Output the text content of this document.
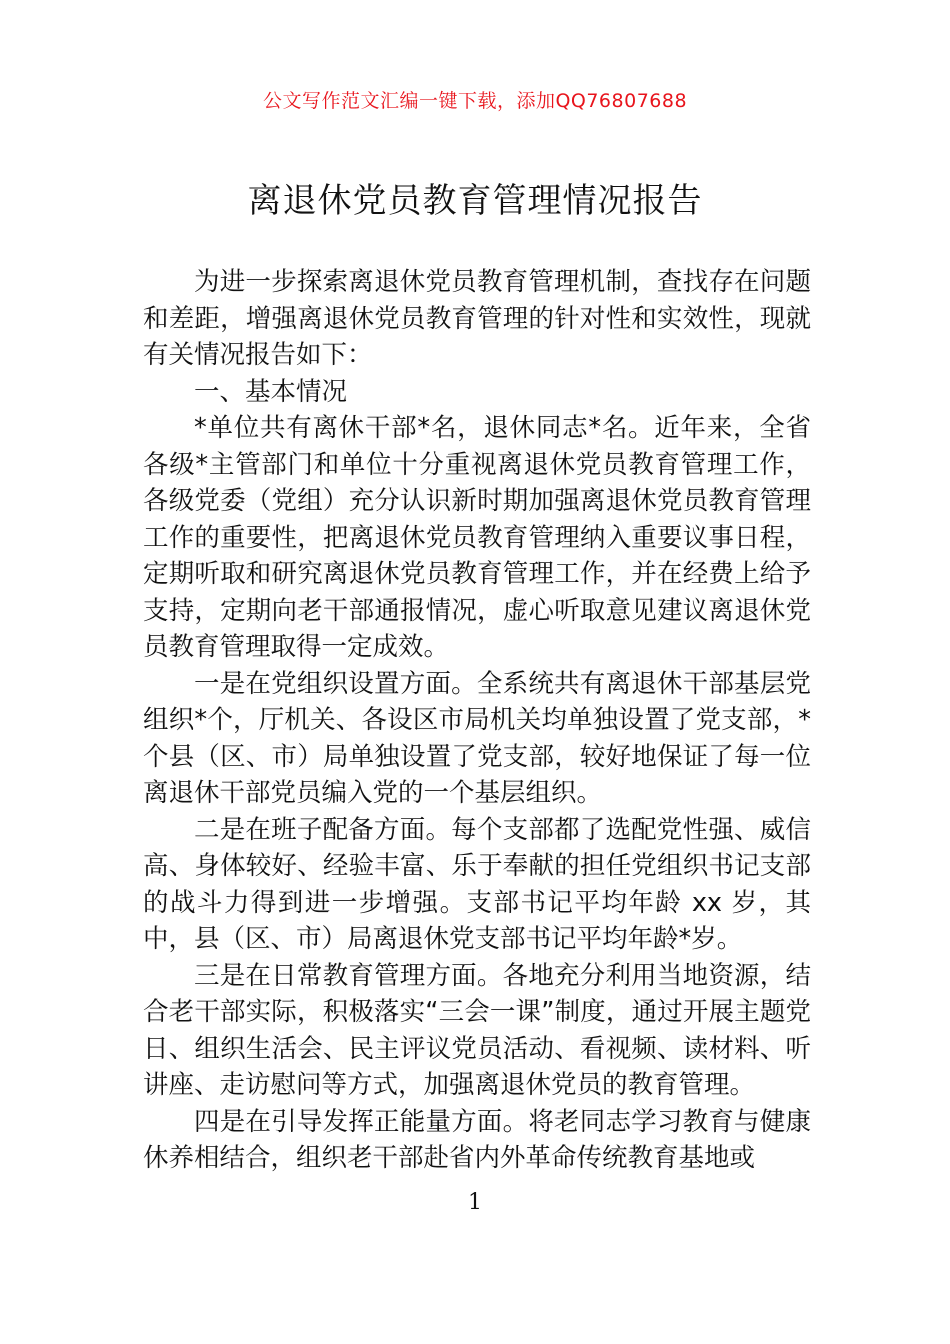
公文写作范文汇编一键下载，添加QQ76807688
离退休党员教育管理情况报告

为进一步探索离退休党员教育管理机制，查找存在问题和差距，增强离退休党员教育管理的针对性和实效性，现就有关情况报告如下：

一、基本情况

*单位共有离休干部*名，退休同志*名。近年来，全省各级*主管部门和单位十分重视离退休党员教育管理工作，各级党委（党组）充分认识新时期加强离退休党员教育管理工作的重要性，把离退休党员教育管理纳入重要议事日程，定期听取和研究离退休党员教育管理工作，并在经费上给予支持，定期向老干部通报情况，虚心听取意见建议离退休党员教育管理取得一定成效。

一是在党组织设置方面。全系统共有离退休干部基层党组织*个，厅机关、各设区市局机关均单独设置了党支部，*个县（区、市）局单独设置了党支部，较好地保证了每一位离退休干部党员编入党的一个基层组织。

二是在班子配备方面。每个支部都了选配党性强、威信高、身体较好、经验丰富、乐于奉献的担任党组织书记支部的战斗力得到进一步增强。支部书记平均年龄 xx 岁，其中，县（区、市）局离退休党支部书记平均年龄*岁。

三是在日常教育管理方面。各地充分利用当地资源，结合老干部实际，积极落实“三会一课”制度，通过开展主题党日、组织生活会、民主评议党员活动、看视频、读材料、听讲座、走访慰问等方式，加强离退休党员的教育管理。

四是在引导发挥正能量方面。将老同志学习教育与健康休养相结合，组织老干部赴省内外革命传统教育基地或

1
